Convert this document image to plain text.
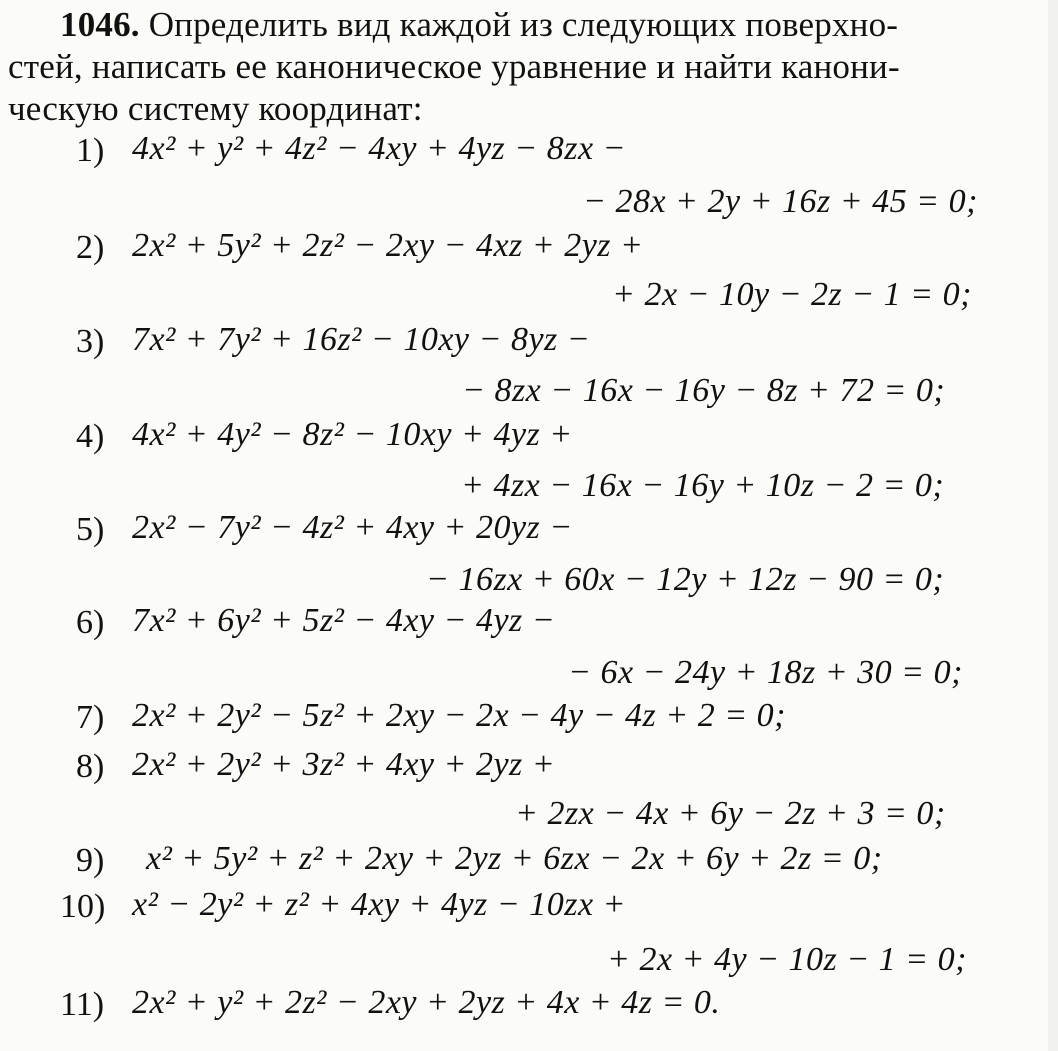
1046. Определить вид каждой из следующих поверхно-
стей, написать ее каноническое уравнение и найти канони-
ческую систему координат:
1) 4x² + y² + 4z² − 4xy + 4yz − 8zx −
− 28x + 2y + 16z + 45 = 0;
2) 2x² + 5y² + 2z² − 2xy − 4xz + 2yz +
+ 2x − 10y − 2z − 1 = 0;
3) 7x² + 7y² + 16z² − 10xy − 8yz −
− 8zx − 16x − 16y − 8z + 72 = 0;
4) 4x² + 4y² − 8z² − 10xy + 4yz +
+ 4zx − 16x − 16y + 10z − 2 = 0;
5) 2x² − 7y² − 4z² + 4xy + 20yz −
− 16zx + 60x − 12y + 12z − 90 = 0;
6) 7x² + 6y² + 5z² − 4xy − 4yz −
− 6x − 24y + 18z + 30 = 0;
7) 2x² + 2y² − 5z² + 2xy − 2x − 4y − 4z + 2 = 0;
8) 2x² + 2y² + 3z² + 4xy + 2yz +
+ 2zx − 4x + 6y − 2z + 3 = 0;
9) x² + 5y² + z² + 2xy + 2yz + 6zx − 2x + 6y + 2z = 0;
10) x² − 2y² + z² + 4xy + 4yz − 10zx +
+ 2x + 4y − 10z − 1 = 0;
11) 2x² + y² + 2z² − 2xy + 2yz + 4x + 4z = 0.
